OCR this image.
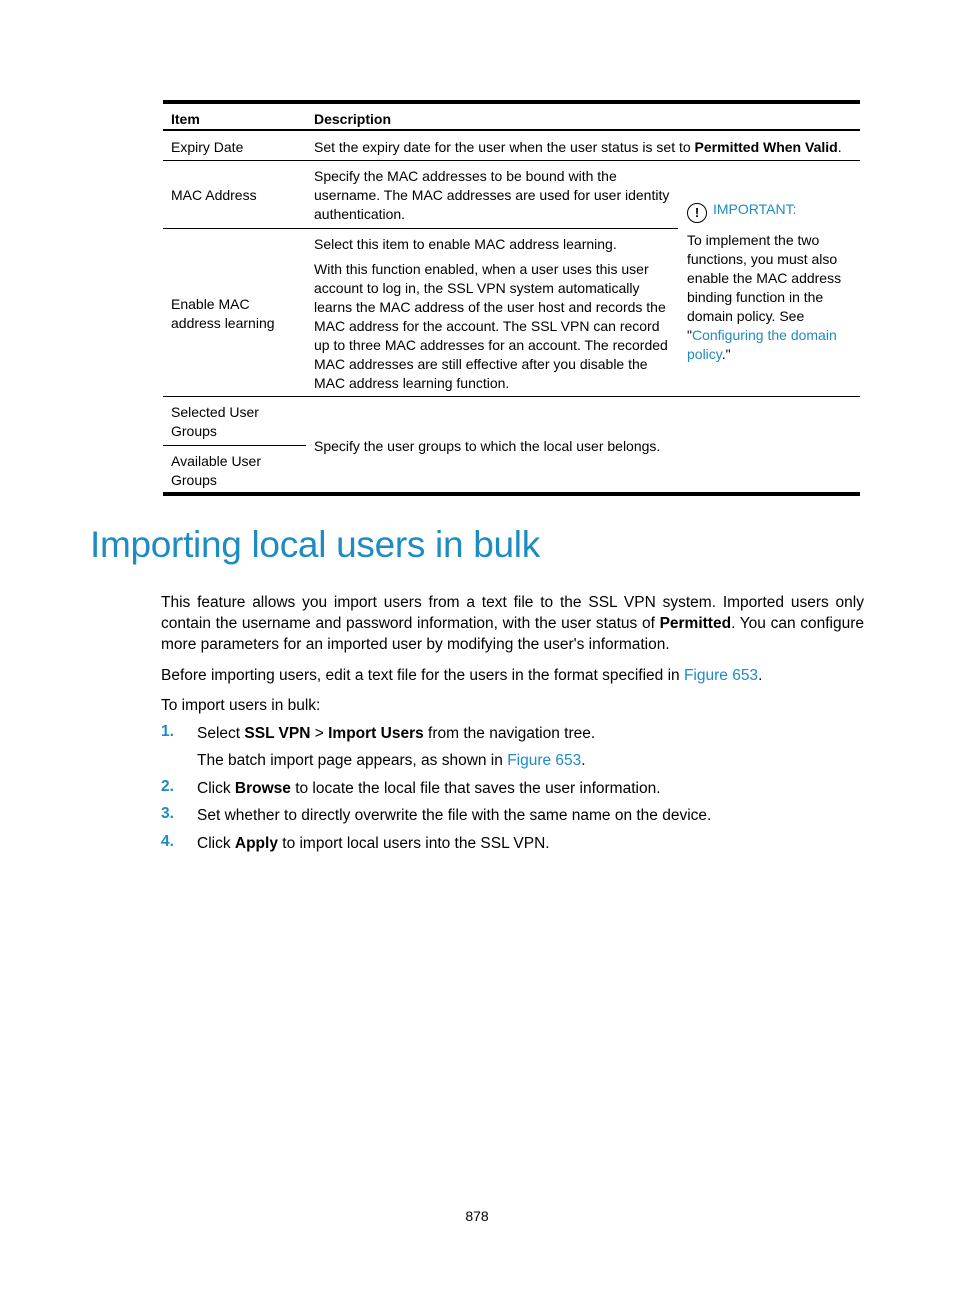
Item	Description
Expiry Date	Set the expiry date for the user when the user status is set to Permitted When Valid.
MAC Address
Specify the MAC addresses to be bound with the username. The MAC addresses are used for user identity authentication.
Enable MAC address learning
Select this item to enable MAC address learning.
With this function enabled, when a user uses this user account to log in, the SSL VPN system automatically learns the MAC address of the user host and records the MAC address for the account. The SSL VPN can record up to three MAC addresses for an account. The recorded MAC addresses are still effective after you disable the MAC address learning function.
! IMPORTANT:
To implement the two functions, you must also enable the MAC address binding function in the domain policy. See "Configuring the domain policy."
Selected User Groups
Available User Groups
Specify the user groups to which the local user belongs.
Importing local users in bulk
This feature allows you import users from a text file to the SSL VPN system. Imported users only contain the username and password information, with the user status of Permitted. You can configure more parameters for an imported user by modifying the user's information.
Before importing users, edit a text file for the users in the format specified in Figure 653.
To import users in bulk:
1. Select SSL VPN > Import Users from the navigation tree.
The batch import page appears, as shown in Figure 653.
2. Click Browse to locate the local file that saves the user information.
3. Set whether to directly overwrite the file with the same name on the device.
4. Click Apply to import local users into the SSL VPN.
878
